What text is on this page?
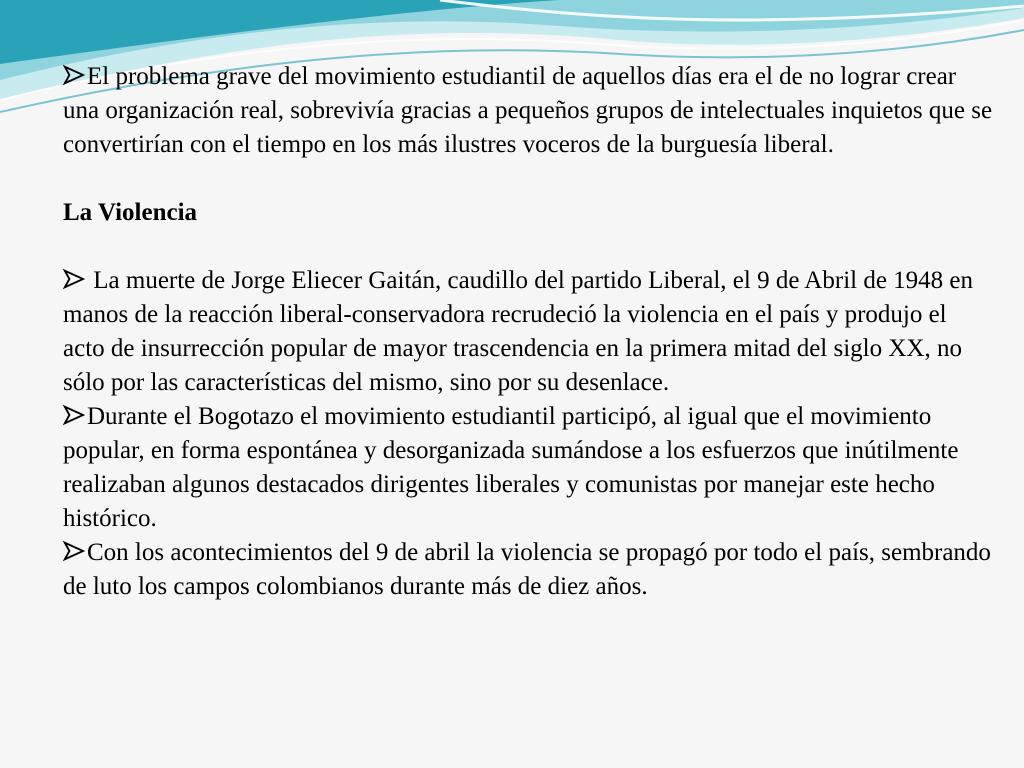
El problema grave del movimiento estudiantil de aquellos días era el de no lograr crear una organización real, sobrevivía gracias a pequeños grupos de intelectuales inquietos que se convertirían con el tiempo en los más ilustres voceros de la burguesía liberal.

La Violencia

La muerte de Jorge Eliecer Gaitán, caudillo del partido Liberal, el 9 de Abril de 1948 en manos de la reacción liberal-conservadora recrudeció la violencia en el país y produjo el acto de insurrección popular de mayor trascendencia en la primera mitad del siglo XX, no sólo por las características del mismo, sino por su desenlace.

Durante el Bogotazo el movimiento estudiantil participó, al igual que el movimiento popular, en forma espontánea y desorganizada sumándose a los esfuerzos que inútilmente realizaban algunos destacados dirigentes liberales y comunistas por manejar este hecho histórico.

Con los acontecimientos del 9 de abril la violencia se propagó por todo el país, sembrando de luto los campos colombianos durante más de diez años.
